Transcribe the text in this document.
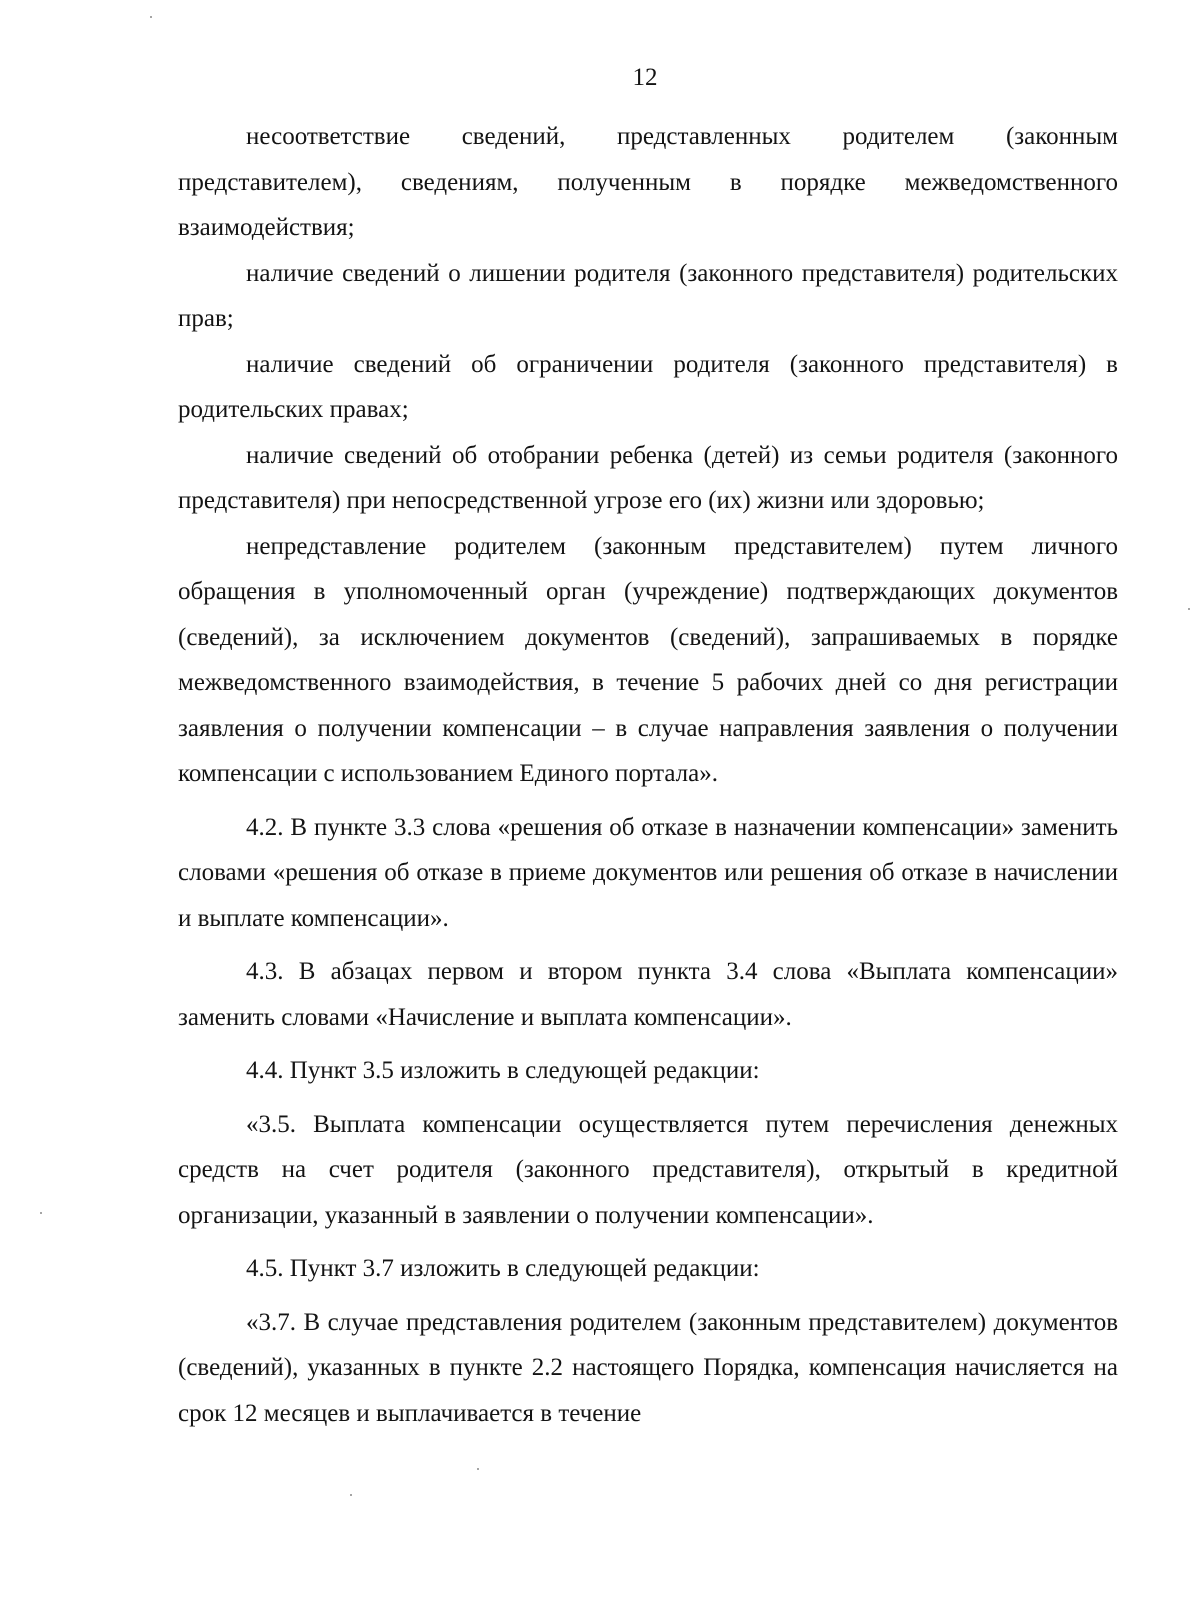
12

несоответствие сведений, представленных родителем (законным представителем), сведениям, полученным в порядке межведомственного взаимодействия;

наличие сведений о лишении родителя (законного представителя) родительских прав;

наличие сведений об ограничении родителя (законного представителя) в родительских правах;

наличие сведений об отобрании ребенка (детей) из семьи родителя (законного представителя) при непосредственной угрозе его (их) жизни или здоровью;

непредставление родителем (законным представителем) путем личного обращения в уполномоченный орган (учреждение) подтверждающих документов (сведений), за исключением документов (сведений), запрашиваемых в порядке межведомственного взаимодействия, в течение 5 рабочих дней со дня регистрации заявления о получении компенсации – в случае направления заявления о получении компенсации с использованием Единого портала».

4.2. В пункте 3.3 слова «решения об отказе в назначении компенсации» заменить словами «решения об отказе в приеме документов или решения об отказе в начислении и выплате компенсации».

4.3. В абзацах первом и втором пункта 3.4 слова «Выплата компенсации» заменить словами «Начисление и выплата компенсации».

4.4. Пункт 3.5 изложить в следующей редакции:

«3.5. Выплата компенсации осуществляется путем перечисления денежных средств на счет родителя (законного представителя), открытый в кредитной организации, указанный в заявлении о получении компенсации».

4.5. Пункт 3.7 изложить в следующей редакции:

«3.7. В случае представления родителем (законным представителем) документов (сведений), указанных в пункте 2.2 настоящего Порядка, компенсация начисляется на срок 12 месяцев и выплачивается в течение
